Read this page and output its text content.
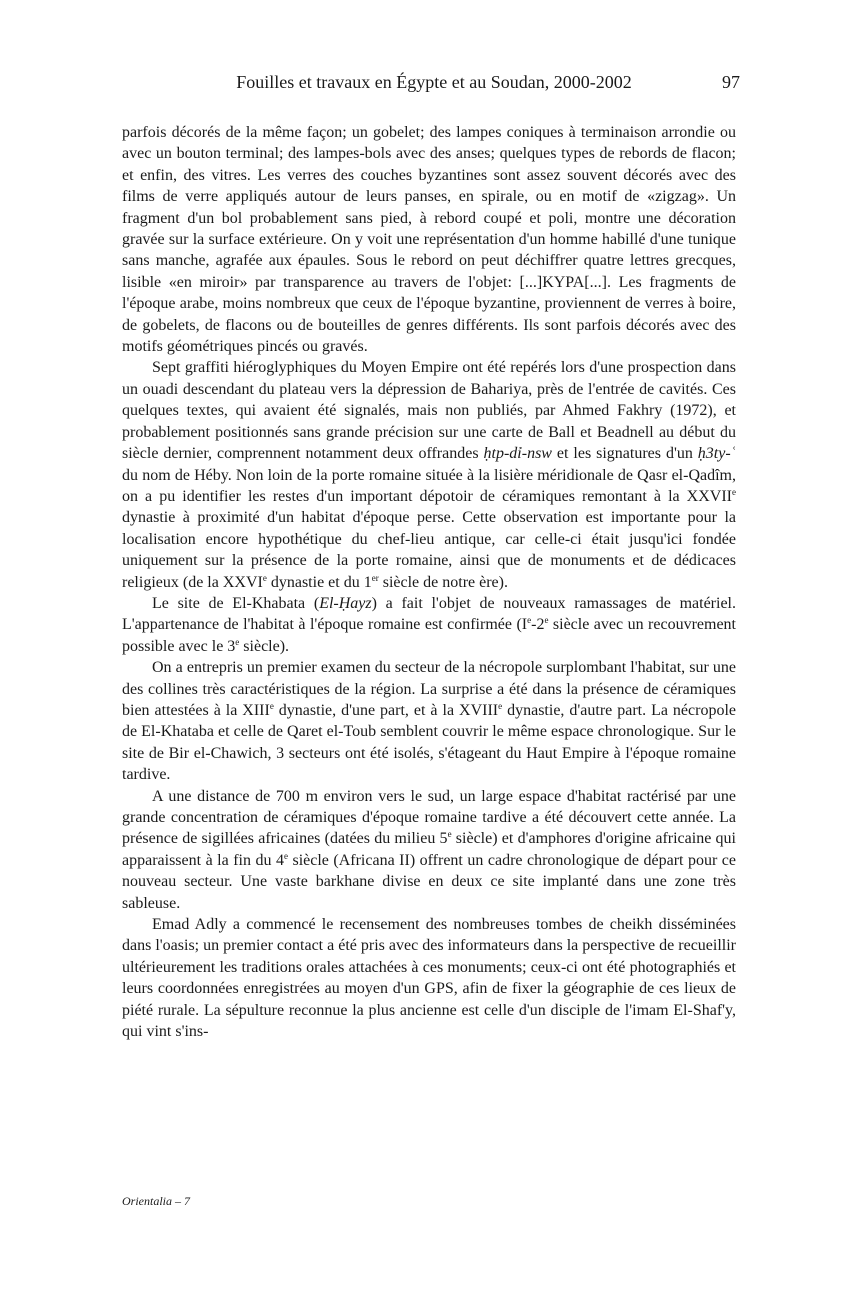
Fouilles et travaux en Égypte et au Soudan, 2000-2002	97

parfois décorés de la même façon; un gobelet; des lampes coniques à terminaison arrondie ou avec un bouton terminal; des lampes-bols avec des anses; quelques types de rebords de flacon; et enfin, des vitres. Les verres des couches byzantines sont assez souvent décorés avec des films de verre appliqués autour de leurs panses, en spirale, ou en motif de «zigzag». Un fragment d'un bol probablement sans pied, à rebord coupé et poli, montre une décoration gravée sur la surface extérieure. On y voit une représentation d'un homme habillé d'une tunique sans manche, agrafée aux épaules. Sous le rebord on peut déchiffrer quatre lettres grecques, lisible «en miroir» par transparence au travers de l'objet: [...]ΚΥΡΑ[...]. Les fragments de l'époque arabe, moins nombreux que ceux de l'époque byzantine, proviennent de verres à boire, de gobelets, de flacons ou de bouteilles de genres différents. Ils sont parfois décorés avec des motifs géométriques pincés ou gravés.

Sept graffiti hiéroglyphiques du Moyen Empire ont été repérés lors d'une prospection dans un ouadi descendant du plateau vers la dépression de Bahariya, près de l'entrée de cavités. Ces quelques textes, qui avaient été signalés, mais non publiés, par Ahmed Fakhry (1972), et probablement positionnés sans grande précision sur une carte de Ball et Beadnell au début du siècle dernier, comprennent notamment deux offrandes ḥtp-dỉ-nsw et les signatures d'un ḥ3ty-ʿ du nom de Héby. Non loin de la porte romaine située à la lisière méridionale de Qasr el-Qadîm, on a pu identifier les restes d'un important dépotoir de céramiques remontant à la XXVIIe dynastie à proximité d'un habitat d'époque perse. Cette observation est importante pour la localisation encore hypothétique du chef-lieu antique, car celle-ci était jusqu'ici fondée uniquement sur la présence de la porte romaine, ainsi que de monuments et de dédicaces religieux (de la XXVIe dynastie et du 1er siècle de notre ère).

Le site de El-Khabata (El-Ḥayz) a fait l'objet de nouveaux ramassages de matériel. L'appartenance de l'habitat à l'époque romaine est confirmée (Ie-2e siècle avec un recouvrement possible avec le 3e siècle).

On a entrepris un premier examen du secteur de la nécropole surplombant l'habitat, sur une des collines très caractéristiques de la région. La surprise a été dans la présence de céramiques bien attestées à la XIIIe dynastie, d'une part, et à la XVIIIe dynastie, d'autre part. La nécropole de El-Khataba et celle de Qaret el-Toub semblent couvrir le même espace chronologique. Sur le site de Bir el-Chawich, 3 secteurs ont été isolés, s'étageant du Haut Empire à l'époque romaine tardive.

A une distance de 700 m environ vers le sud, un large espace d'habitat ractérisé par une grande concentration de céramiques d'époque romaine tardive a été découvert cette année. La présence de sigillées africaines (datées du milieu 5e siècle) et d'amphores d'origine africaine qui apparaissent à la fin du 4e siècle (Africana II) offrent un cadre chronologique de départ pour ce nouveau secteur. Une vaste barkhane divise en deux ce site implanté dans une zone très sableuse.

Emad Adly a commencé le recensement des nombreuses tombes de cheikh disséminées dans l'oasis; un premier contact a été pris avec des informateurs dans la perspective de recueillir ultérieurement les traditions orales attachées à ces monuments; ceux-ci ont été photographiés et leurs coordonnées enregistrées au moyen d'un GPS, afin de fixer la géographie de ces lieux de piété rurale. La sépulture reconnue la plus ancienne est celle d'un disciple de l'imam El-Shaf'y, qui vint s'ins-

Orientalia – 7
